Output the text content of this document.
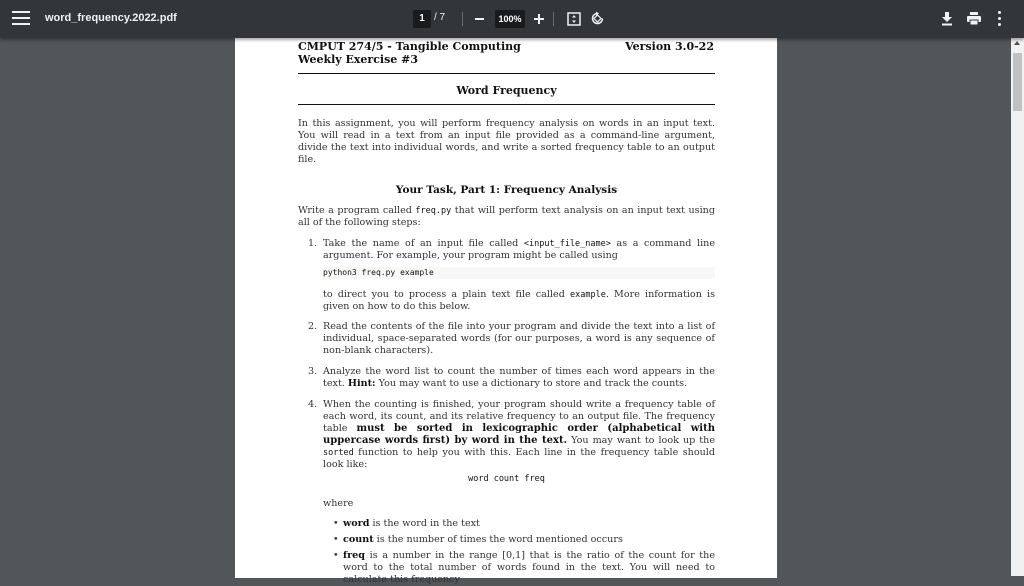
word_frequency.2022.pdf	1 / 7	100%
CMPUT 274/5 - Tangible Computing
Weekly Exercise #3
Version 3.0-22
Word Frequency
In this assignment, you will perform frequency analysis on words in an input text. You will read in a text from an input file provided as a command-line argument, divide the text into individual words, and write a sorted frequency table to an output file.
Your Task, Part 1: Frequency Analysis
Write a program called freq.py that will perform text analysis on an input text using all of the following steps:
1. Take the name of an input file called <input_file_name> as a command line argument. For example, your program might be called using
python3 freq.py example
to direct you to process a plain text file called example. More information is given on how to do this below.
2. Read the contents of the file into your program and divide the text into a list of individual, space-separated words (for our purposes, a word is any sequence of non-blank characters).
3. Analyze the word list to count the number of times each word appears in the text. Hint: You may want to use a dictionary to store and track the counts.
4. When the counting is finished, your program should write a frequency table of each word, its count, and its relative frequency to an output file. The frequency table must be sorted in lexicographic order (alphabetical with uppercase words first) by word in the text. You may want to look up the sorted function to help you with this. Each line in the frequency table should look like:
word count freq
where
• word is the word in the text
• count is the number of times the word mentioned occurs
• freq is a number in the range [0,1] that is the ratio of the count for the word to the total number of words found in the text. You will need to calculate this frequency
